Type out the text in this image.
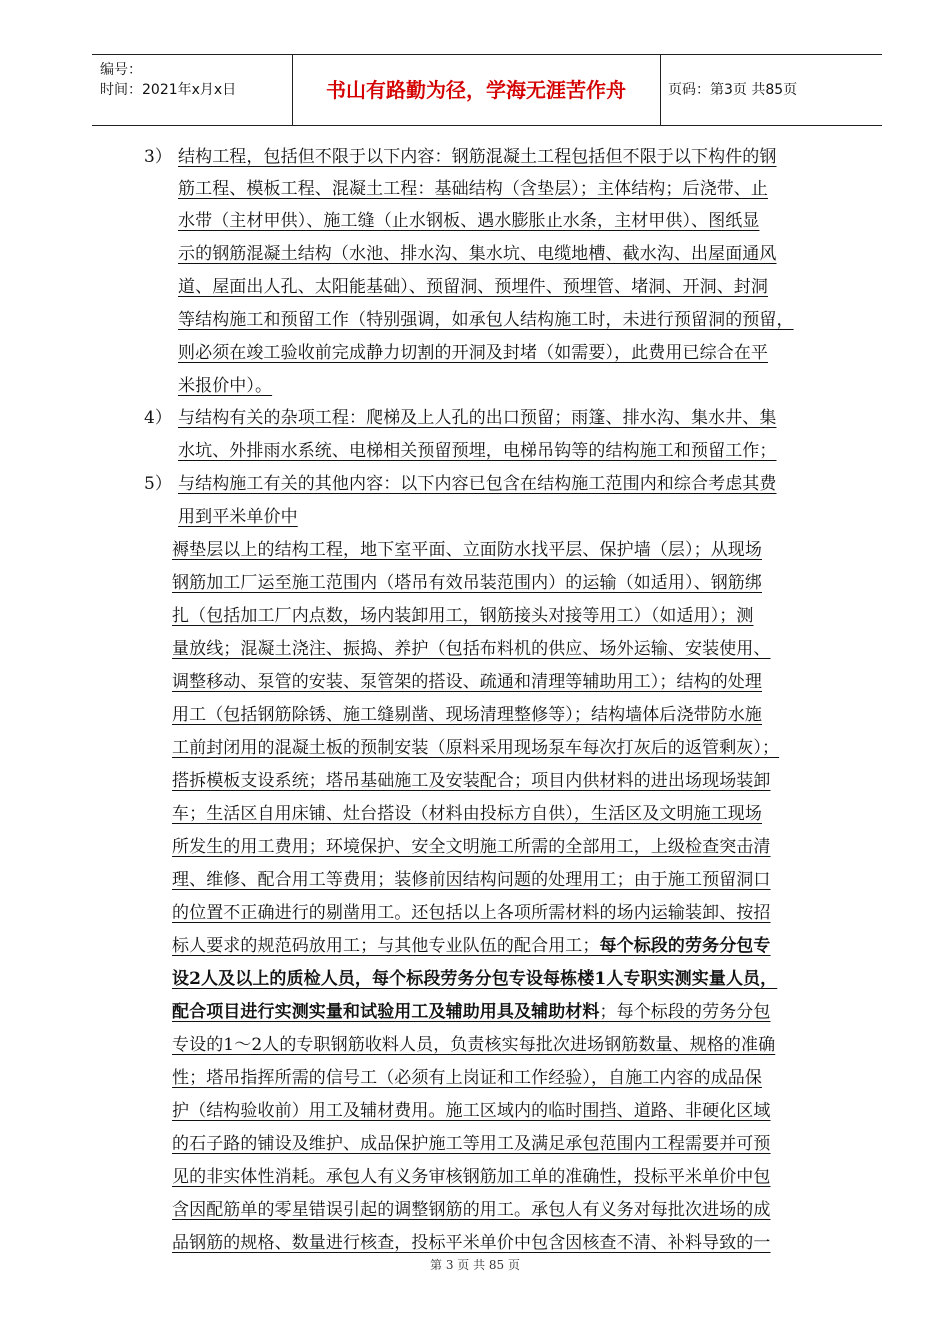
编号：
时间：2021年x月x日	书山有路勤为径，学海无涯苦作舟	页码：第3页 共85页
3） 结构工程，包括但不限于以下内容：钢筋混凝土工程包括但不限于以下构件的钢
筋工程、模板工程、混凝土工程：基础结构（含垫层）；主体结构；后浇带、止
水带（主材甲供）、施工缝（止水钢板、遇水膨胀止水条，主材甲供）、图纸显
示的钢筋混凝土结构（水池、排水沟、集水坑、电缆地槽、截水沟、出屋面通风
道、屋面出人孔、太阳能基础）、预留洞、预埋件、预埋管、堵洞、开洞、封洞
等结构施工和预留工作（特别强调，如承包人结构施工时，未进行预留洞的预留，
则必须在竣工验收前完成静力切割的开洞及封堵（如需要），此费用已综合在平
米报价中）。
4） 与结构有关的杂项工程：爬梯及上人孔的出口预留；雨篷、排水沟、集水井、集
水坑、外排雨水系统、电梯相关预留预埋，电梯吊钩等的结构施工和预留工作；
5） 与结构施工有关的其他内容：以下内容已包含在结构施工范围内和综合考虑其费
用到平米单价中
褥垫层以上的结构工程，地下室平面、立面防水找平层、保护墙（层）；从现场
钢筋加工厂运至施工范围内（塔吊有效吊装范围内）的运输（如适用）、钢筋绑
扎（包括加工厂内点数，场内装卸用工，钢筋接头对接等用工）（如适用）；测
量放线；混凝土浇注、振捣、养护（包括布料机的供应、场外运输、安装使用、
调整移动、泵管的安装、泵管架的搭设、疏通和清理等辅助用工）；结构的处理
用工（包括钢筋除锈、施工缝剔凿、现场清理整修等）；结构墙体后浇带防水施
工前封闭用的混凝土板的预制安装（原料采用现场泵车每次打灰后的返管剩灰）；
搭拆模板支设系统；塔吊基础施工及安装配合；项目内供材料的进出场现场装卸
车；生活区自用床铺、灶台搭设（材料由投标方自供），生活区及文明施工现场
所发生的用工费用；环境保护、安全文明施工所需的全部用工，上级检查突击清
理、维修、配合用工等费用；装修前因结构问题的处理用工；由于施工预留洞口
的位置不正确进行的剔凿用工。还包括以上各项所需材料的场内运输装卸、按招
标人要求的规范码放用工；与其他专业队伍的配合用工；每个标段的劳务分包专
设2人及以上的质检人员，每个标段劳务分包专设每栋楼1人专职实测实量人员，
配合项目进行实测实量和试验用工及辅助用具及辅助材料；每个标段的劳务分包
专设的1～2人的专职钢筋收料人员，负责核实每批次进场钢筋数量、规格的准确
性；塔吊指挥所需的信号工（必须有上岗证和工作经验），自施工内容的成品保
护（结构验收前）用工及辅材费用。施工区域内的临时围挡、道路、非硬化区域
的石子路的铺设及维护、成品保护施工等用工及满足承包范围内工程需要并可预
见的非实体性消耗。承包人有义务审核钢筋加工单的准确性，投标平米单价中包
含因配筋单的零星错误引起的调整钢筋的用工。承包人有义务对每批次进场的成
品钢筋的规格、数量进行核查，投标平米单价中包含因核查不清、补料导致的一
第 3 页 共 85 页
